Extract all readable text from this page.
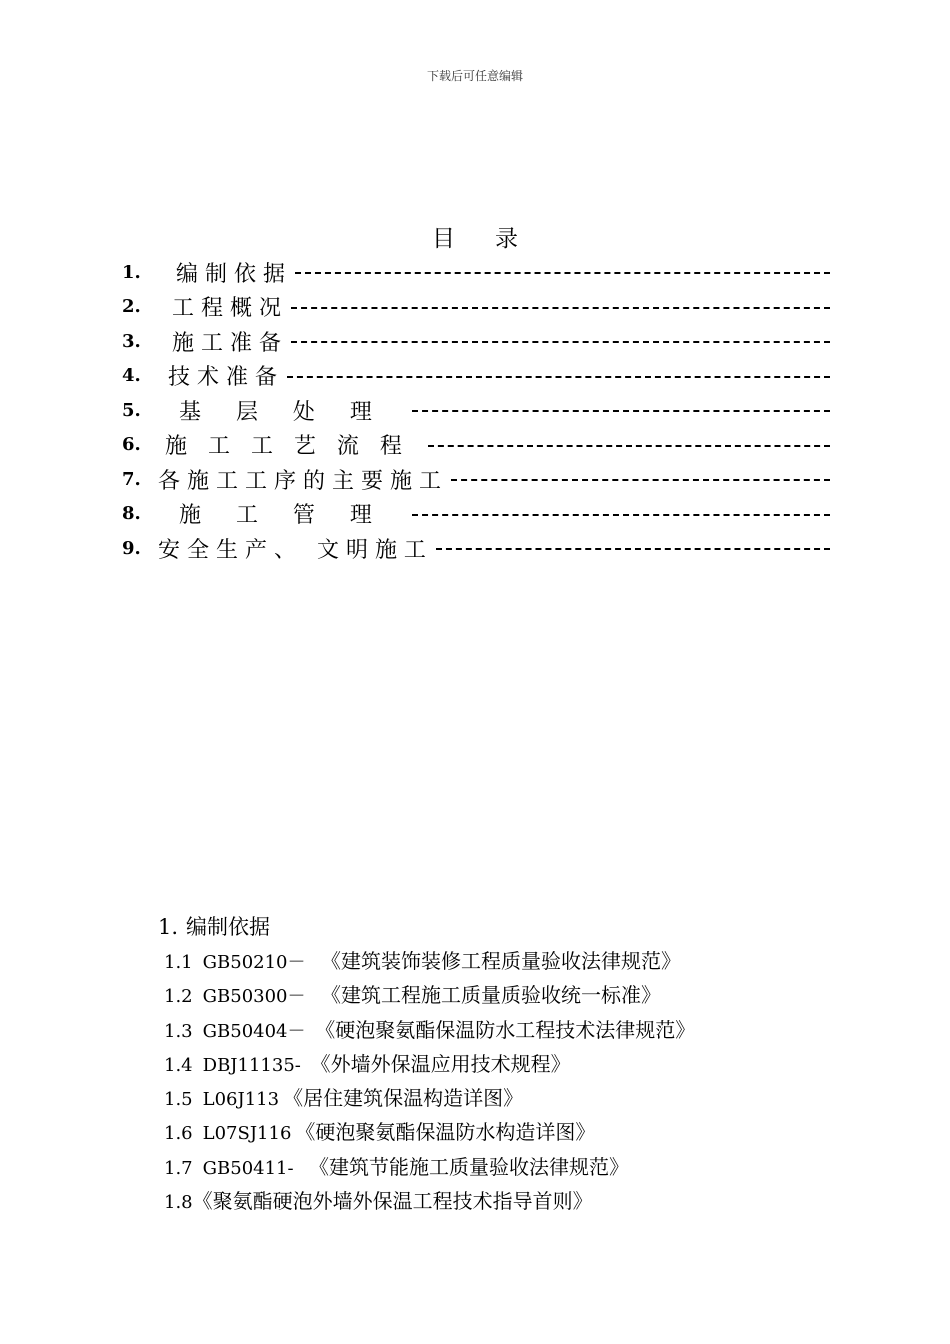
下载后可任意编辑
目录
1.	编 制 依 据
2.	工 程 概 况
3.	施 工 准 备
4.	技 术 准 备
5. 基     层     处     理
6. 施   工   工   艺   流   程
7. 各 施 工 工 序 的 主 要 施 工
8. 施     工     管     理
9. 安 全 生 产 、   文 明 施 工
1. 编制依据
1.1 GB50210－  《建筑装饰装修工程质量验收法律规范》
1.2 GB50300－  《建筑工程施工质量质验收统一标准》
1.3 GB50404－ 《硬泡聚氨酯保温防水工程技术法律规范》
1.4 DBJ11135- 《外墙外保温应用技术规程》
1.5 L06J113 《居住建筑保温构造详图》
1.6 L07SJ116 《硬泡聚氨酯保温防水构造详图》
1.7 GB50411-  《建筑节能施工质量验收法律规范》
1.8《聚氨酯硬泡外墙外保温工程技术指导首则》
